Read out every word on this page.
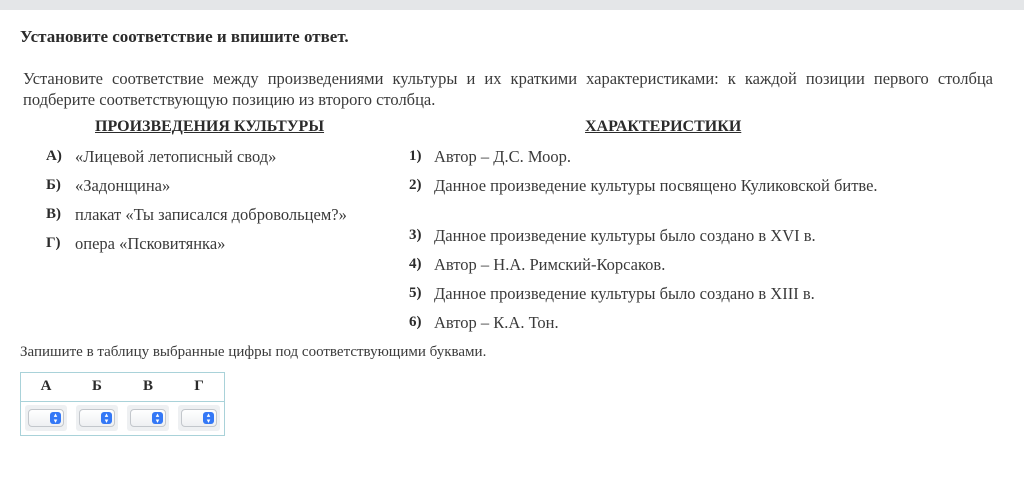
Установите соответствие и впишите ответ.
Установите соответствие между произведениями культуры и их краткими характеристиками: к каждой позиции первого столбца подберите соответствующую позицию из второго столбца.
ПРОИЗВЕДЕНИЯ КУЛЬТУРЫ	ХАРАКТЕРИСТИКИ
А) «Лицевой летописный свод»
Б) «Задонщина»
В) плакат «Ты записался добровольцем?»
Г) опера «Псковитянка»
1) Автор – Д.С. Моор.
2) Данное произведение культуры посвящено Куликовской битве.
3) Данное произведение культуры было создано в XVI в.
4) Автор – Н.А. Римский-Корсаков.
5) Данное произведение культуры было создано в XIII в.
6) Автор – К.А. Тон.
Запишите в таблицу выбранные цифры под соответствующими буквами.
А	Б	В	Г
▴
▾
▴
▾
▴
▾
▴
▾
